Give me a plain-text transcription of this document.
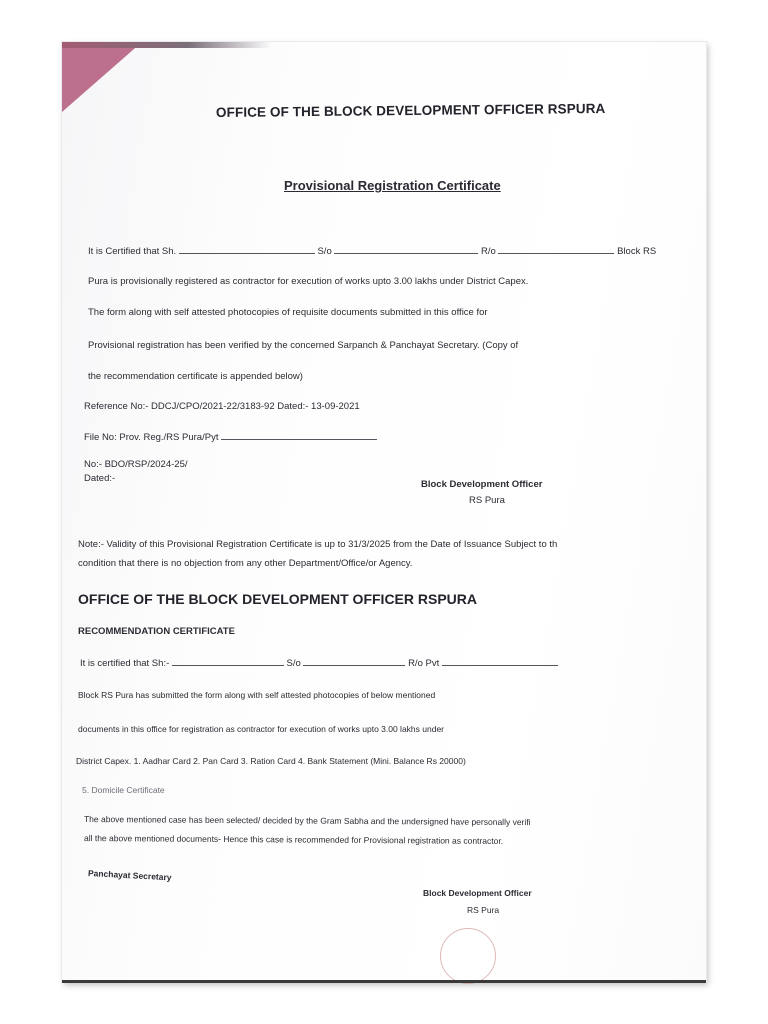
OFFICE OF THE BLOCK DEVELOPMENT OFFICER RSPURA
Provisional Registration Certificate
It is Certified that Sh.	S/o	R/o	Block RS
Pura is provisionally registered as contractor for execution of works upto 3.00 lakhs under District Capex.
The form along with self attested photocopies of requisite documents submitted in this office for
Provisional registration has been verified by the concerned Sarpanch & Panchayat Secretary. (Copy of
the recommendation certificate is appended below)
Reference No:- DDCJ/CPO/2021-22/3183-92 Dated:- 13-09-2021
File No: Prov. Reg./RS Pura/Pyt
No:- BDO/RSP/2024-25/
Dated:-
Block Development Officer
RS Pura
Note:- Validity of this Provisional Registration Certificate is up to 31/3/2025 from the Date of Issuance Subject to th
condition that there is no objection from any other Department/Office/or Agency.
OFFICE OF THE BLOCK DEVELOPMENT OFFICER RSPURA
RECOMMENDATION CERTIFICATE
It is certified that Sh:-	S/o	R/o Pvt
Block RS Pura has submitted the form along with self attested photocopies of below mentioned
documents in this office for registration as contractor for execution of works upto 3.00 lakhs under
District Capex. 1. Aadhar Card 2. Pan Card 3. Ration Card 4. Bank Statement (Mini. Balance Rs 20000)
5. Domicile Certificate
The above mentioned case has been selected/ decided by the Gram Sabha and the undersigned have personally verifi
all the above mentioned documents- Hence this case is recommended for Provisional registration as contractor.
Panchayat Secretary
Block Development Officer
RS Pura
